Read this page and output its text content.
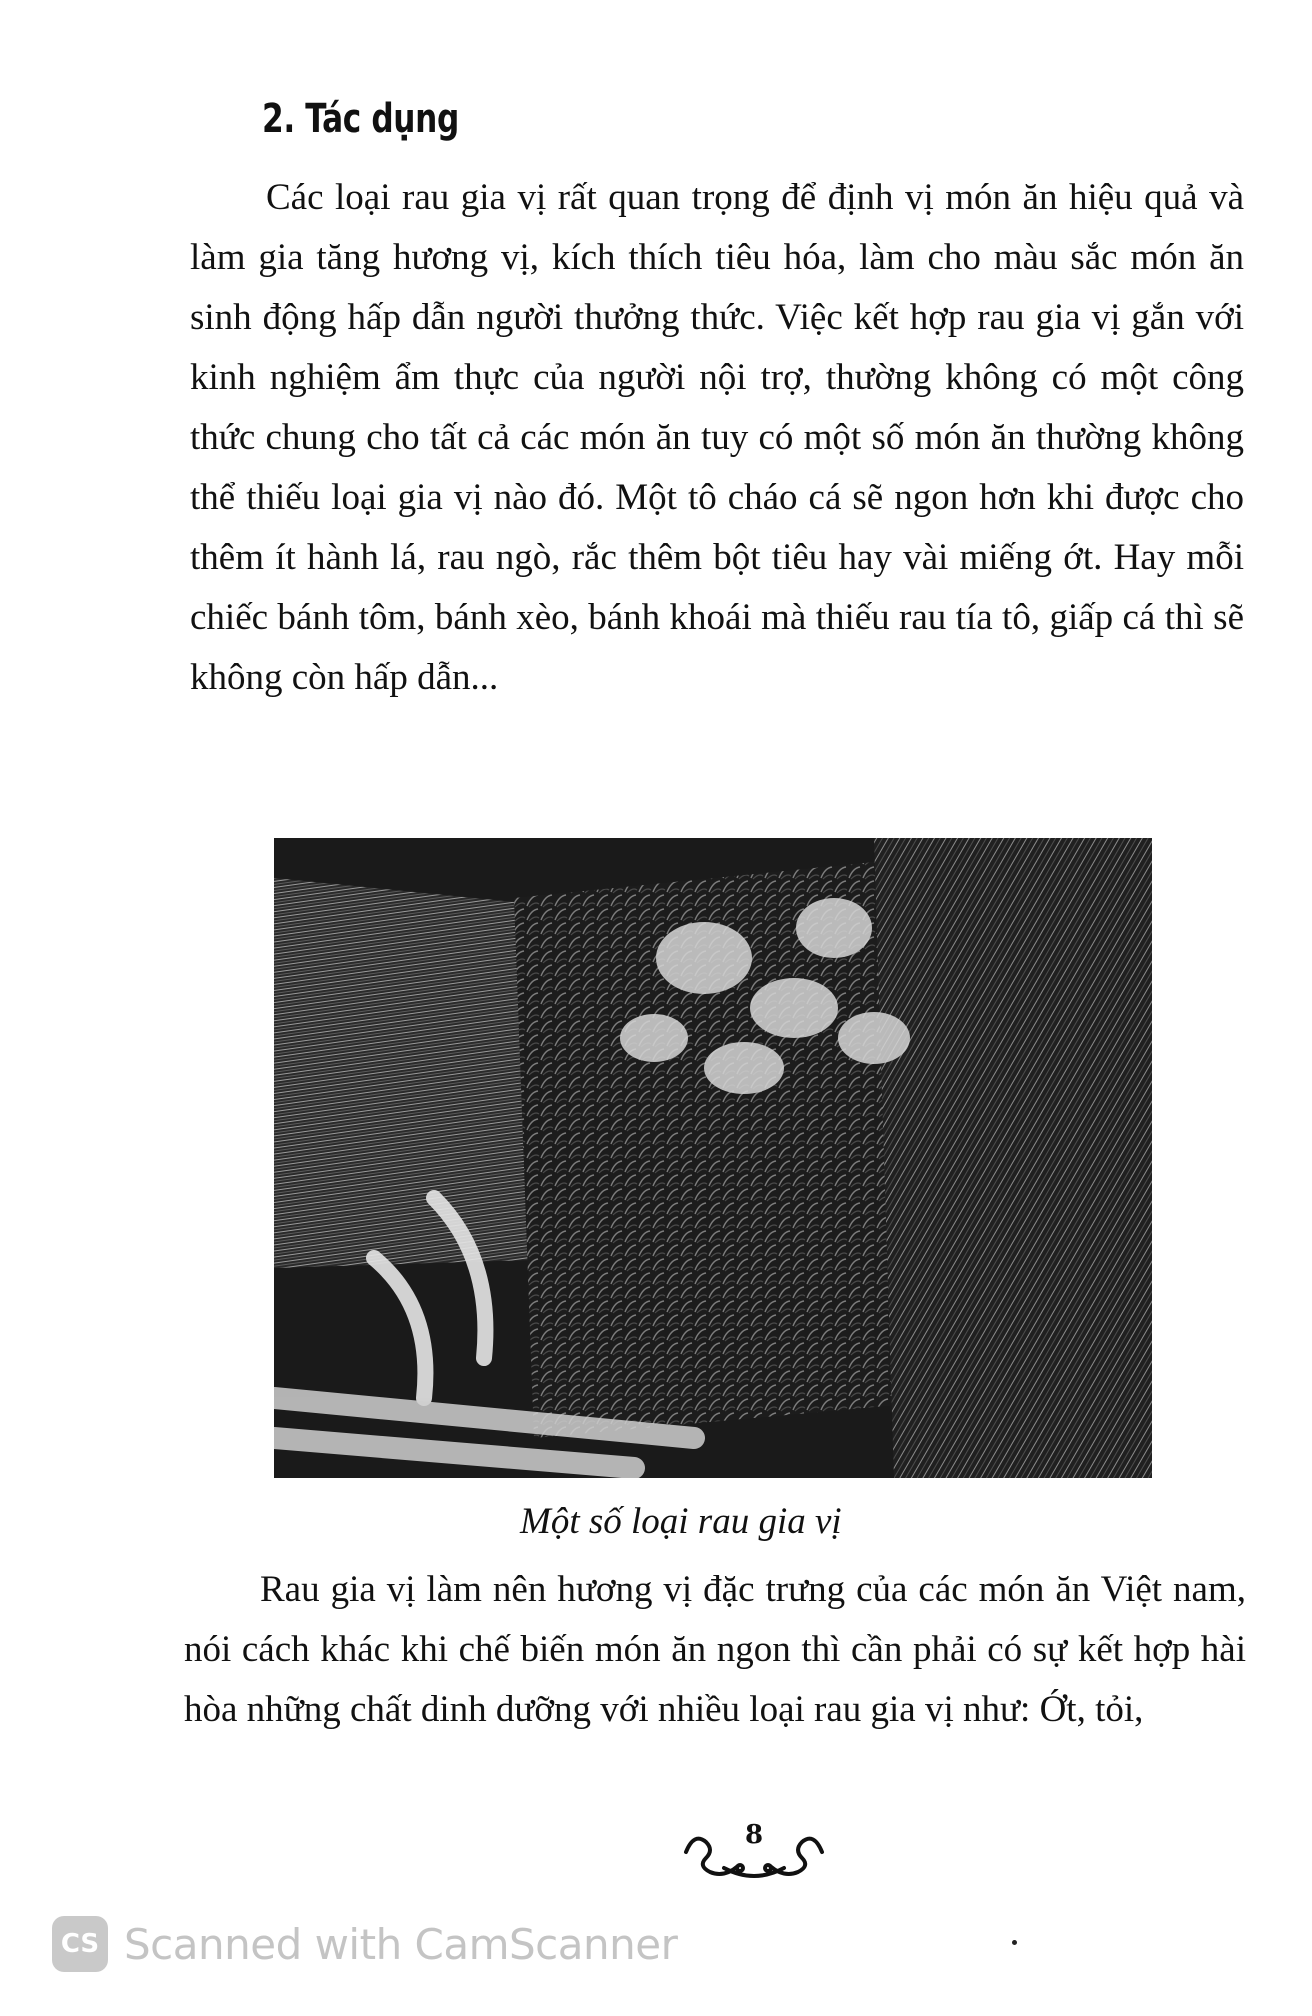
2. Tác dụng

Các loại rau gia vị rất quan trọng để định vị món ăn hiệu quả và làm gia tăng hương vị, kích thích tiêu hóa, làm cho màu sắc món ăn sinh động hấp dẫn người thưởng thức. Việc kết hợp rau gia vị gắn với kinh nghiệm ẩm thực của người nội trợ, thường không có một công thức chung cho tất cả các món ăn tuy có một số món ăn thường không thể thiếu loại gia vị nào đó. Một tô cháo cá sẽ ngon hơn khi được cho thêm ít hành lá, rau ngò, rắc thêm bột tiêu hay vài miếng ớt. Hay mỗi chiếc bánh tôm, bánh xèo, bánh khoái mà thiếu rau tía tô, giấp cá thì sẽ không còn hấp dẫn...

Một số loại rau gia vị

Rau gia vị làm nên hương vị đặc trưng của các món ăn Việt nam, nói cách khác khi chế biến món ăn ngon thì cần phải có sự kết hợp hài hòa những chất dinh dưỡng với nhiều loại rau gia vị như: Ớt, tỏi,

8
CS Scanned with CamScanner
